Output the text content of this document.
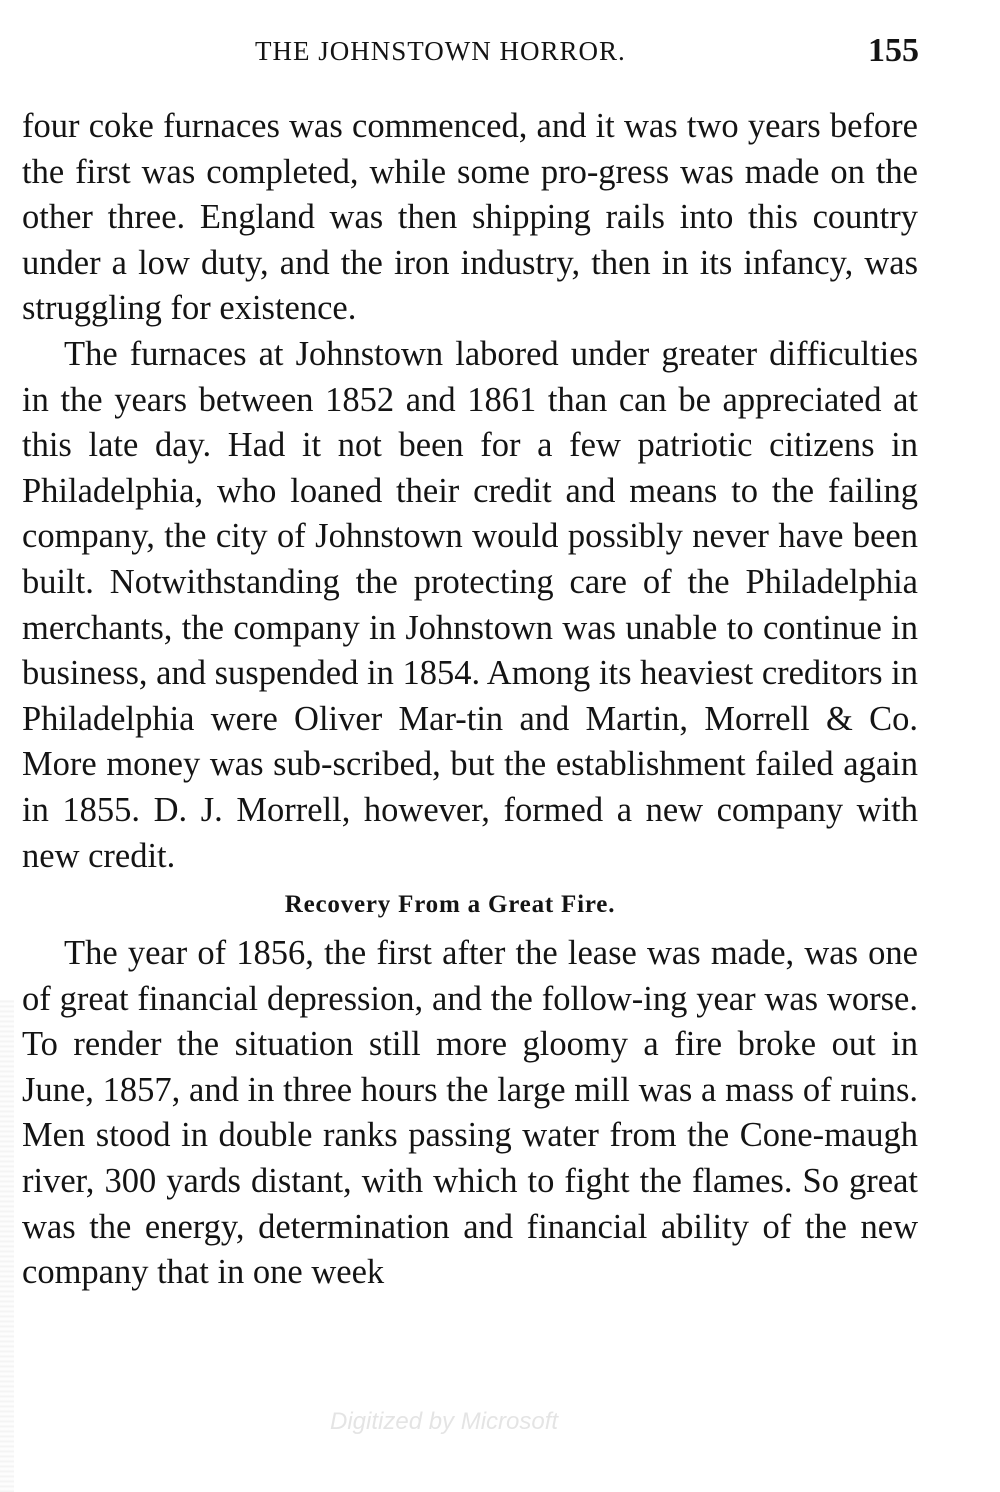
THE JOHNSTOWN HORROR.	155

four coke furnaces was commenced, and it was two years before the first was completed, while some pro-gress was made on the other three. England was then shipping rails into this country under a low duty, and the iron industry, then in its infancy, was struggling for existence.

The furnaces at Johnstown labored under greater difficulties in the years between 1852 and 1861 than can be appreciated at this late day. Had it not been for a few patriotic citizens in Philadelphia, who loaned their credit and means to the failing company, the city of Johnstown would possibly never have been built. Notwithstanding the protecting care of the Philadelphia merchants, the company in Johnstown was unable to continue in business, and suspended in 1854. Among its heaviest creditors in Philadelphia were Oliver Mar-tin and Martin, Morrell & Co. More money was sub-scribed, but the establishment failed again in 1855. D. J. Morrell, however, formed a new company with new credit.

Recovery From a Great Fire.

The year of 1856, the first after the lease was made, was one of great financial depression, and the follow-ing year was worse. To render the situation still more gloomy a fire broke out in June, 1857, and in three hours the large mill was a mass of ruins. Men stood in double ranks passing water from the Cone-maugh river, 300 yards distant, with which to fight the flames. So great was the energy, determination and financial ability of the new company that in one week

Digitized by Microsoft
